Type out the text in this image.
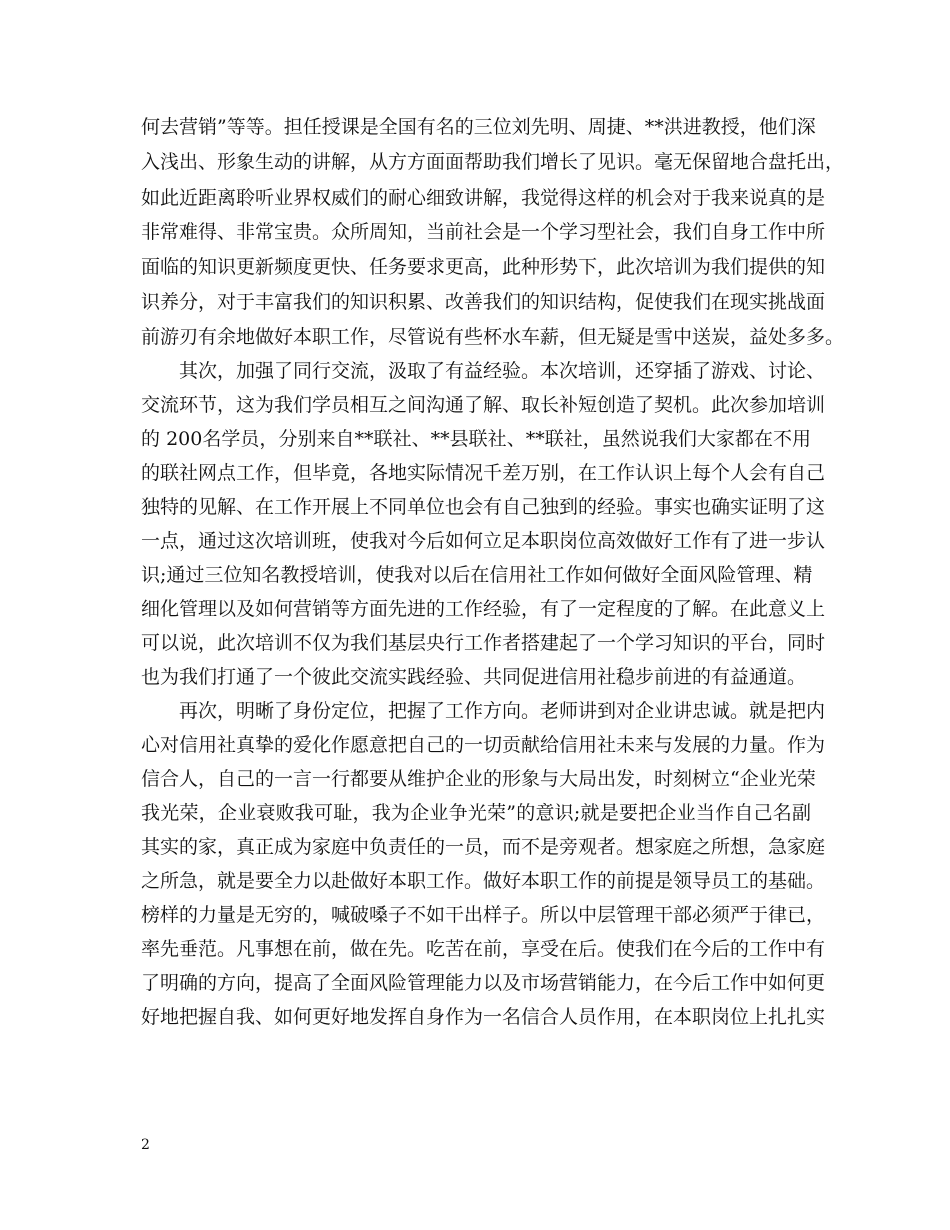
何去营销”等等。担任授课是全国有名的三位刘先明、周捷、**洪进教授，他们深
入浅出、形象生动的讲解，从方方面面帮助我们增长了见识。毫无保留地合盘托出，
如此近距离聆听业界权威们的耐心细致讲解，我觉得这样的机会对于我来说真的是
非常难得、非常宝贵。众所周知，当前社会是一个学习型社会，我们自身工作中所
面临的知识更新频度更快、任务要求更高，此种形势下，此次培训为我们提供的知
识养分，对于丰富我们的知识积累、改善我们的知识结构，促使我们在现实挑战面
前游刃有余地做好本职工作，尽管说有些杯水车薪，但无疑是雪中送炭，益处多多。
其次，加强了同行交流，汲取了有益经验。本次培训，还穿插了游戏、讨论、
交流环节，这为我们学员相互之间沟通了解、取长补短创造了契机。此次参加培训
的 200名学员，分别来自**联社、**县联社、**联社，虽然说我们大家都在不用
的联社网点工作，但毕竟，各地实际情况千差万别，在工作认识上每个人会有自己
独特的见解、在工作开展上不同单位也会有自己独到的经验。事实也确实证明了这
一点，通过这次培训班，使我对今后如何立足本职岗位高效做好工作有了进一步认
识;通过三位知名教授培训，使我对以后在信用社工作如何做好全面风险管理、精
细化管理以及如何营销等方面先进的工作经验，有了一定程度的了解。在此意义上
可以说，此次培训不仅为我们基层央行工作者搭建起了一个学习知识的平台，同时
也为我们打通了一个彼此交流实践经验、共同促进信用社稳步前进的有益通道。
再次，明晰了身份定位，把握了工作方向。老师讲到对企业讲忠诚。就是把内
心对信用社真挚的爱化作愿意把自己的一切贡献给信用社未来与发展的力量。作为
信合人，自己的一言一行都要从维护企业的形象与大局出发，时刻树立“企业光荣
我光荣，企业衰败我可耻，我为企业争光荣”的意识;就是要把企业当作自己名副
其实的家，真正成为家庭中负责任的一员，而不是旁观者。想家庭之所想，急家庭
之所急，就是要全力以赴做好本职工作。做好本职工作的前提是领导员工的基础。
榜样的力量是无穷的，喊破嗓子不如干出样子。所以中层管理干部必须严于律已，
率先垂范。凡事想在前，做在先。吃苦在前，享受在后。使我们在今后的工作中有
了明确的方向，提高了全面风险管理能力以及市场营销能力，在今后工作中如何更
好地把握自我、如何更好地发挥自身作为一名信合人员作用，在本职岗位上扎扎实
2
